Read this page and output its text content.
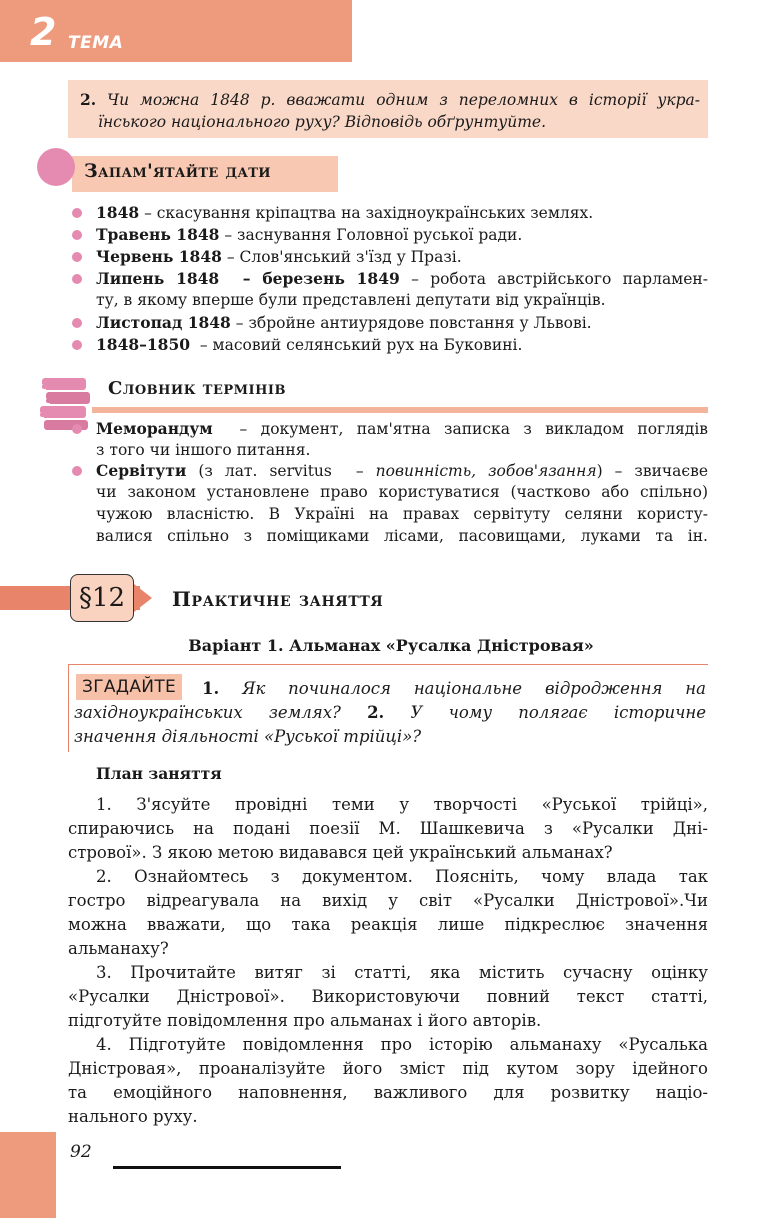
2 ТЕМА
2. Чи можна 1848 р. вважати одним з переломних в історії укра-
їнського національного руху? Відповідь обґрунтуйте.
Запам'ятайте дати
1848 – скасування кріпацтва на західноукраїнських землях.
Травень 1848 – заснування Головної руської ради.
Червень 1848 – Слов'янський з'їзд у Празі.
Липень 1848  – березень 1849 – робота австрійського парламен-
ту, в якому вперше були представлені депутати від українців.
Листопад 1848 – збройне антиурядове повстання у Львові.
1848–1850  – масовий селянський рух на Буковині.
Словник термінів
Меморандум  – документ, пам'ятна записка з викладом поглядів
з того чи іншого питання.
Сервітути (з лат. servitus  – повинність, зобов'язання) – звичаєве
чи законом установлене право користуватися (частково або спільно)
чужою власністю. В Україні на правах сервітуту селяни користу-
валися спільно з поміщиками лісами, пасовищами, луками та ін.
§12	Практичне заняття
Варіант 1. Альманах «Русалка Дністровая»
ЗГАДАЙТЕ	1. Як починалося національне відродження на
західноукраїнських землях? 2. У чому полягає історичне
значення діяльності «Руської трійці»?
План заняття
1. З'ясуйте провідні теми у творчості «Руської трійці»,
спираючись на подані поезії М. Шашкевича з «Русалки Дні-
стрової». З якою метою видавався цей український альманах?
2. Ознайомтесь з документом. Поясніть, чому влада так
гостро відреагувала на вихід у світ «Русалки Дністрової».Чи
можна вважати, що така реакція лише підкреслює значення
альманаху?
3. Прочитайте витяг зі статті, яка містить сучасну оцінку
«Русалки Дністрової». Використовуючи повний текст статті,
підготуйте повідомлення про альманах і його авторів.
4. Підготуйте повідомлення про історію альманаху «Русалька
Дністровая», проаналізуйте його зміст під кутом зору ідейного
та емоційного наповнення, важливого для розвитку націо-
нального руху.
92
